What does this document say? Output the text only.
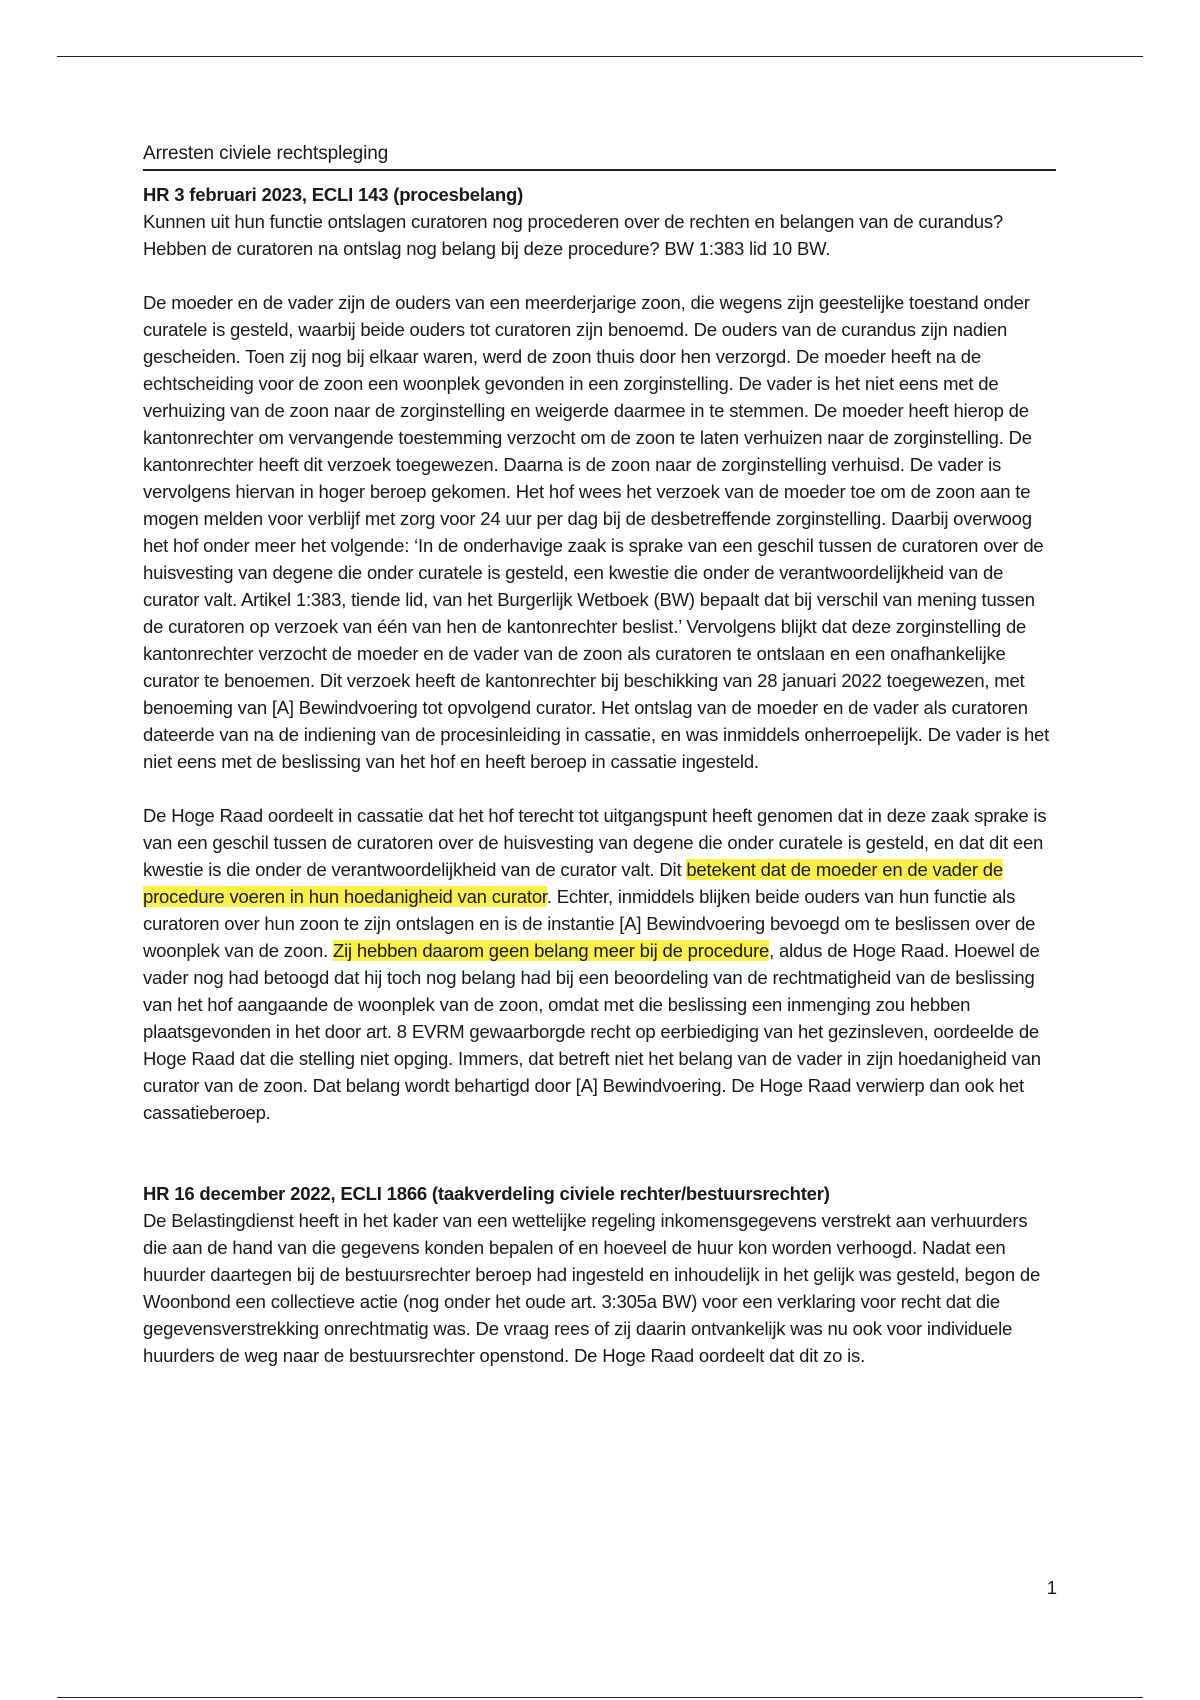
Arresten civiele rechtspleging
HR 3 februari 2023, ECLI 143 (procesbelang)

Kunnen uit hun functie ontslagen curatoren nog procederen over de rechten en belangen van de curandus? Hebben de curatoren na ontslag nog belang bij deze procedure? BW 1:383 lid 10 BW.

De moeder en de vader zijn de ouders van een meerderjarige zoon, die wegens zijn geestelijke toestand onder curatele is gesteld, waarbij beide ouders tot curatoren zijn benoemd. De ouders van de curandus zijn nadien gescheiden. Toen zij nog bij elkaar waren, werd de zoon thuis door hen verzorgd. De moeder heeft na de echtscheiding voor de zoon een woonplek gevonden in een zorginstelling. De vader is het niet eens met de verhuizing van de zoon naar de zorginstelling en weigerde daarmee in te stemmen. De moeder heeft hierop de kantonrechter om vervangende toestemming verzocht om de zoon te laten verhuizen naar de zorginstelling. De kantonrechter heeft dit verzoek toegewezen. Daarna is de zoon naar de zorginstelling verhuisd. De vader is vervolgens hiervan in hoger beroep gekomen. Het hof wees het verzoek van de moeder toe om de zoon aan te mogen melden voor verblijf met zorg voor 24 uur per dag bij de desbetreffende zorginstelling. Daarbij overwoog het hof onder meer het volgende: ‘In de onderhavige zaak is sprake van een geschil tussen de curatoren over de huisvesting van degene die onder curatele is gesteld, een kwestie die onder de verantwoordelijkheid van de curator valt. Artikel 1:383, tiende lid, van het Burgerlijk Wetboek (BW) bepaalt dat bij verschil van mening tussen de curatoren op verzoek van één van hen de kantonrechter beslist.’ Vervolgens blijkt dat deze zorginstelling de kantonrechter verzocht de moeder en de vader van de zoon als curatoren te ontslaan en een onafhankelijke curator te benoemen. Dit verzoek heeft de kantonrechter bij beschikking van 28 januari 2022 toegewezen, met benoeming van [A] Bewindvoering tot opvolgend curator. Het ontslag van de moeder en de vader als curatoren dateerde van na de indiening van de procesinleiding in cassatie, en was inmiddels onherroepelijk. De vader is het niet eens met de beslissing van het hof en heeft beroep in cassatie ingesteld.

De Hoge Raad oordeelt in cassatie dat het hof terecht tot uitgangspunt heeft genomen dat in deze zaak sprake is van een geschil tussen de curatoren over de huisvesting van degene die onder curatele is gesteld, en dat dit een kwestie is die onder de verantwoordelijkheid van de curator valt. Dit betekent dat de moeder en de vader de procedure voeren in hun hoedanigheid van curator. Echter, inmiddels blijken beide ouders van hun functie als curatoren over hun zoon te zijn ontslagen en is de instantie [A] Bewindvoering bevoegd om te beslissen over de woonplek van de zoon. Zij hebben daarom geen belang meer bij de procedure, aldus de Hoge Raad. Hoewel de vader nog had betoogd dat hij toch nog belang had bij een beoordeling van de rechtmatigheid van de beslissing van het hof aangaande de woonplek van de zoon, omdat met die beslissing een inmenging zou hebben plaatsgevonden in het door art. 8 EVRM gewaarborgde recht op eerbiediging van het gezinsleven, oordeelde de Hoge Raad dat die stelling niet opging. Immers, dat betreft niet het belang van de vader in zijn hoedanigheid van curator van de zoon. Dat belang wordt behartigd door [A] Bewindvoering. De Hoge Raad verwierp dan ook het cassatieberoep.

HR 16 december 2022, ECLI 1866 (taakverdeling civiele rechter/bestuursrechter)

De Belastingdienst heeft in het kader van een wettelijke regeling inkomensgegevens verstrekt aan verhuurders die aan de hand van die gegevens konden bepalen of en hoeveel de huur kon worden verhoogd. Nadat een huurder daartegen bij de bestuursrechter beroep had ingesteld en inhoudelijk in het gelijk was gesteld, begon de Woonbond een collectieve actie (nog onder het oude art. 3:305a BW) voor een verklaring voor recht dat die gegevensverstrekking onrechtmatig was. De vraag rees of zij daarin ontvankelijk was nu ook voor individuele huurders de weg naar de bestuursrechter openstond. De Hoge Raad oordeelt dat dit zo is.

1
